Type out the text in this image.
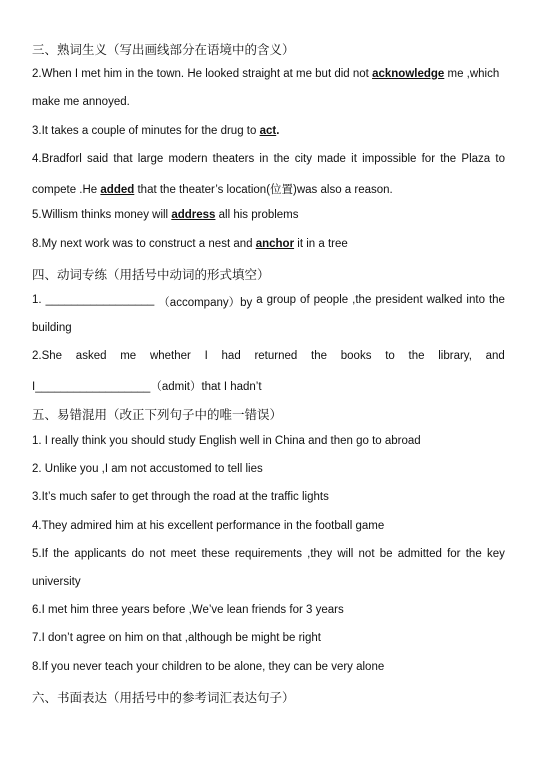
三、熟词生义（写出画线部分在语境中的含义）
2.When I met him in the town. He looked straight at me but did not acknowledge me ,which
make me annoyed.
3.It takes a couple of minutes for the drug to act.
4.Bradforl said that large modern theaters in the city made it impossible for the Plaza to
compete .He added that the theater’s location(位置)was also a reason.
5.Willism thinks money will address all his problems
8.My next work was to construct a nest and anchor it in a tree
四、动词专练（用括号中动词的形式填空）
1. _________________ （accompany）by a group of people ,the president walked into the
building
2.She asked me whether I had returned the books to the library, and
I__________________（admit）that I hadn’t
五、易错混用（改正下列句子中的唯一错误）
1. I really think you should study English well in China and then go to abroad
2. Unlike you ,I am not accustomed to tell lies
3.It’s much safer to get through the road at the traffic lights
4.They admired him at his excellent performance in the football game
5.If the applicants do not meet these requirements ,they will not be admitted for the key
university
6.I met him three years before ,We’ve lean friends for 3 years
7.I don’t agree on him on that ,although be might be right
8.If you never teach your children to be alone, they can be very alone
六、书面表达（用括号中的参考词汇表达句子）
